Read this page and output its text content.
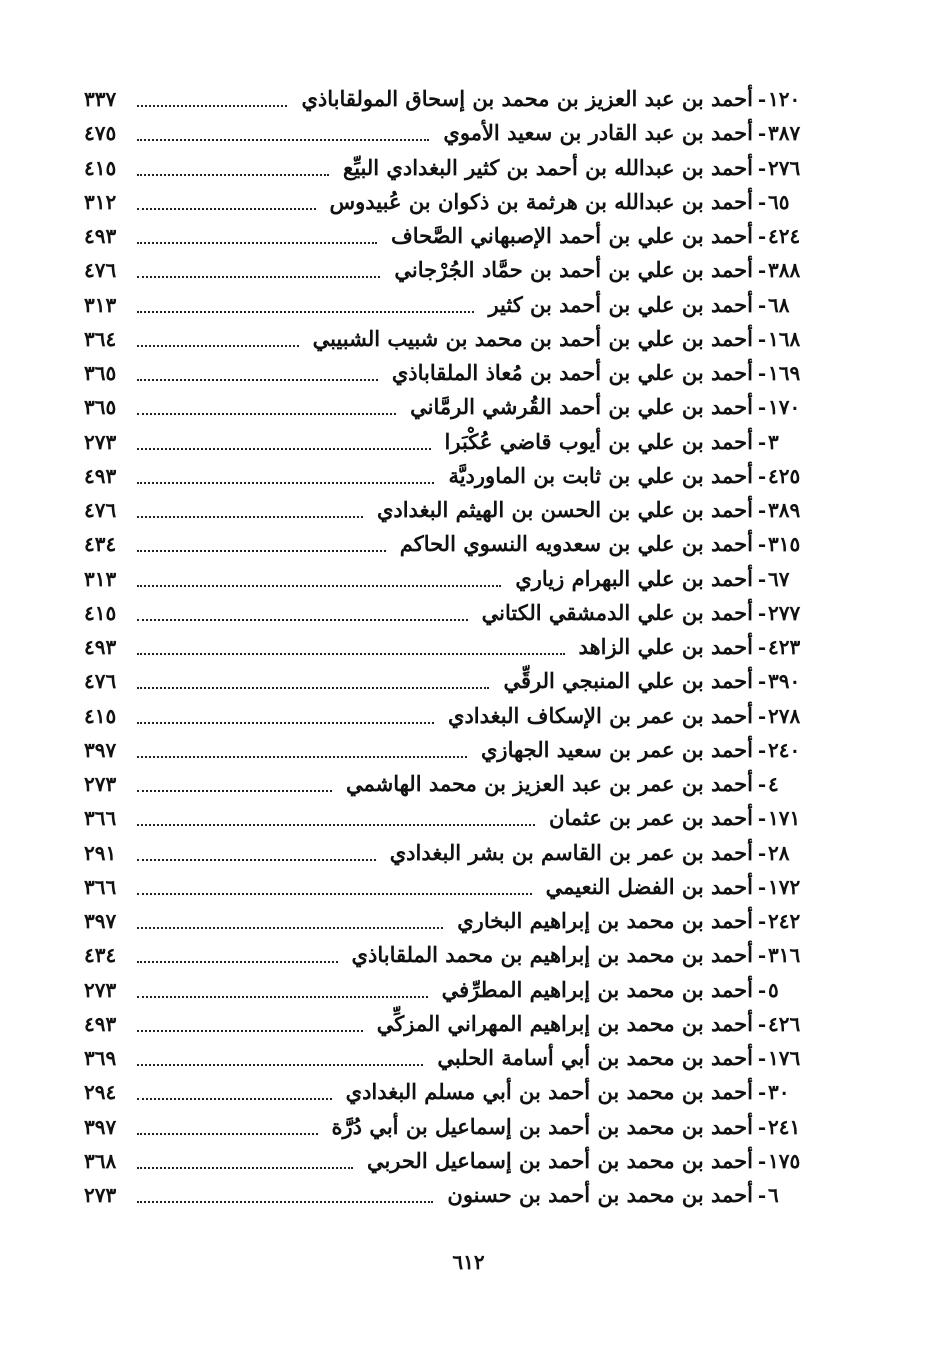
١٢٠
-
أحمد بن عبد العزيز بن محمد بن إسحاق المولقاباذي
٣٣٧
٣٨٧
-
أحمد بن عبد القادر بن سعيد الأموي
٤٧٥
٢٧٦
-
أحمد بن عبدالله بن أحمد بن كثير البغدادي البيِّع
٤١٥
٦٥
-
أحمد بن عبدالله بن هرثمة بن ذكوان بن عُبيدوس
٣١٢
٤٢٤
-
أحمد بن علي بن أحمد الإصبهاني الصَّحاف
٤٩٣
٣٨٨
-
أحمد بن علي بن أحمد بن حمَّاد الجُرْجاني
٤٧٦
٦٨
-
أحمد بن علي بن أحمد بن كثير
٣١٣
١٦٨
-
أحمد بن علي بن أحمد بن محمد بن شبيب الشبيبي
٣٦٤
١٦٩
-
أحمد بن علي بن أحمد بن مُعاذ الملقاباذي
٣٦٥
١٧٠
-
أحمد بن علي بن أحمد القُرشي الرمَّاني
٣٦٥
٣
-
أحمد بن علي بن أيوب قاضي عُكْبَرا
٢٧٣
٤٢٥
-
أحمد بن علي بن ثابت بن الماورديَّة
٤٩٣
٣٨٩
-
أحمد بن علي بن الحسن بن الهيثم البغدادي
٤٧٦
٣١٥
-
أحمد بن علي بن سعدويه النسوي الحاكم
٤٣٤
٦٧
-
أحمد بن علي البهرام زياري
٣١٣
٢٧٧
-
أحمد بن علي الدمشقي الكتاني
٤١٥
٤٢٣
-
أحمد بن علي الزاهد
٤٩٣
٣٩٠
-
أحمد بن علي المنبجي الرقِّي
٤٧٦
٢٧٨
-
أحمد بن عمر بن الإسكاف البغدادي
٤١٥
٢٤٠
-
أحمد بن عمر بن سعيد الجهازي
٣٩٧
٤
-
أحمد بن عمر بن عبد العزيز بن محمد الهاشمي
٢٧٣
١٧١
-
أحمد بن عمر بن عثمان
٣٦٦
٢٨
-
أحمد بن عمر بن القاسم بن بشر البغدادي
٢٩١
١٧٢
-
أحمد بن الفضل النعيمي
٣٦٦
٢٤٢
-
أحمد بن محمد بن إبراهيم البخاري
٣٩٧
٣١٦
-
أحمد بن محمد بن إبراهيم بن محمد الملقاباذي
٤٣٤
٥
-
أحمد بن محمد بن إبراهيم المطرِّفي
٢٧٣
٤٢٦
-
أحمد بن محمد بن إبراهيم المهراني المزكِّي
٤٩٣
١٧٦
-
أحمد بن محمد بن أبي أسامة الحلبي
٣٦٩
٣٠
-
أحمد بن محمد بن أحمد بن أبي مسلم البغدادي
٢٩٤
٢٤١
-
أحمد بن محمد بن أحمد بن إسماعيل بن أبي دُرَّة
٣٩٧
١٧٥
-
أحمد بن محمد بن أحمد بن إسماعيل الحربي
٣٦٨
٦
-
أحمد بن محمد بن أحمد بن حسنون
٢٧٣
٦١٢
